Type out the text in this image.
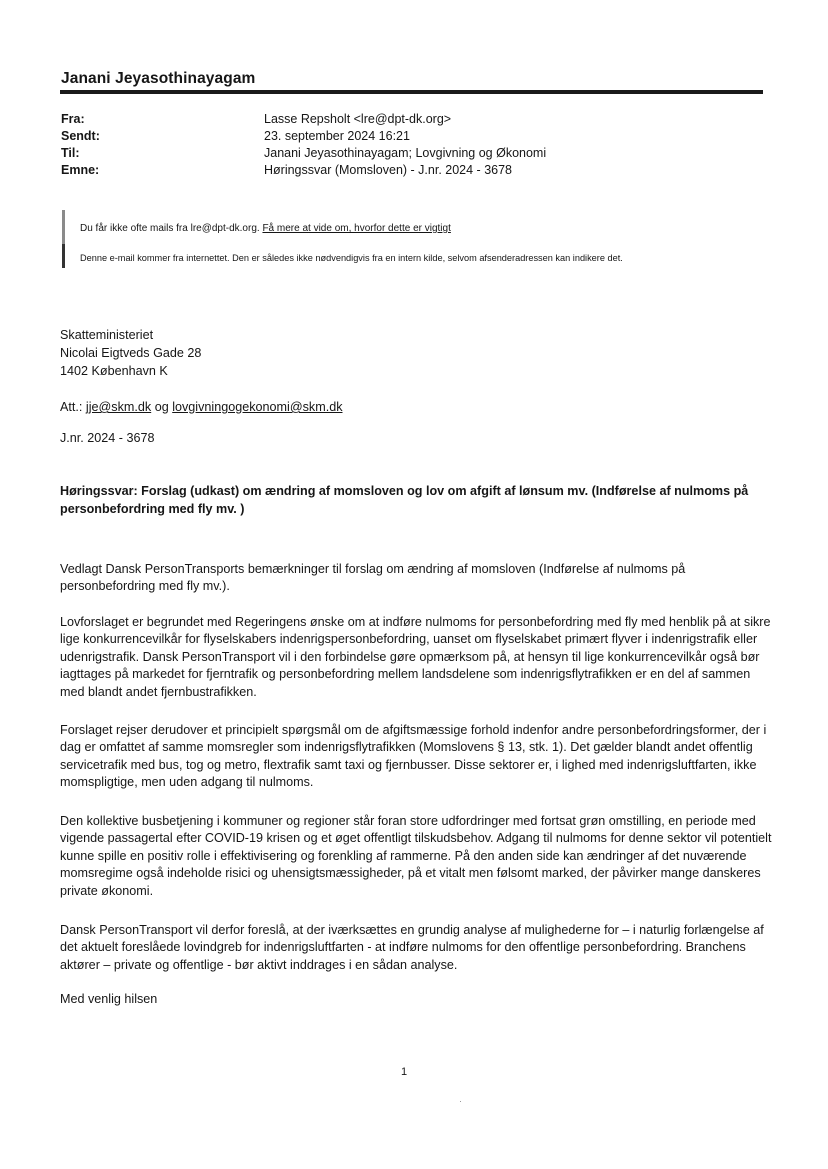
Janani Jeyasothinayagam
Fra:	Lasse Repsholt <lre@dpt-dk.org>
Sendt:	23. september 2024 16:21
Til:	Janani Jeyasothinayagam; Lovgivning og Økonomi
Emne:	Høringssvar (Momsloven) - J.nr. 2024 - 3678
Du får ikke ofte mails fra lre@dpt-dk.org. Få mere at vide om, hvorfor dette er vigtigt
Denne e-mail kommer fra internettet. Den er således ikke nødvendigvis fra en intern kilde, selvom afsenderadressen kan indikere det.
Skatteministeriet
Nicolai Eigtveds Gade 28
1402 København K
Att.: jje@skm.dk og lovgivningogekonomi@skm.dk
J.nr. 2024 - 3678
Høringssvar: Forslag (udkast) om ændring af momsloven og lov om afgift af lønsum mv. (Indførelse af nulmoms på personbefordring med fly mv. )
Vedlagt Dansk PersonTransports bemærkninger til forslag om ændring af momsloven (Indførelse af nulmoms på personbefordring med fly mv.).
Lovforslaget er begrundet med Regeringens ønske om at indføre nulmoms for personbefordring med fly med henblik på at sikre lige konkurrencevilkår for flyselskabers indenrigspersonbefordring, uanset om flyselskabet primært flyver i indenrigstrafik eller udenrigstrafik. Dansk PersonTransport vil i den forbindelse gøre opmærksom på, at hensyn til lige konkurrencevilkår også bør iagttages på markedet for fjerntrafik og personbefordring mellem landsdelene som indenrigsflytrafikken er en del af sammen med blandt andet fjernbustrafikken.
Forslaget rejser derudover et principielt spørgsmål om de afgiftsmæssige forhold indenfor andre personbefordringsformer, der i dag er omfattet af samme momsregler som indenrigsflytrafikken (Momslovens § 13, stk. 1). Det gælder blandt andet offentlig servicetrafik med bus, tog og metro, flextrafik samt taxi og fjernbusser. Disse sektorer er, i lighed med indenrigsluftfarten, ikke momspligtige, men uden adgang til nulmoms.
Den kollektive busbetjening i kommuner og regioner står foran store udfordringer med fortsat grøn omstilling, en periode med vigende passagertal efter COVID-19 krisen og et øget offentligt tilskudsbehov. Adgang til nulmoms for denne sektor vil potentielt kunne spille en positiv rolle i effektivisering og forenkling af rammerne. På den anden side kan ændringer af det nuværende momsregime også indeholde risici og uhensigtsmæssigheder, på et vitalt men følsomt marked, der påvirker mange danskeres private økonomi.
Dansk PersonTransport vil derfor foreslå, at der iværksættes en grundig analyse af mulighederne for – i naturlig forlængelse af det aktuelt foreslåede lovindgreb for indenrigsluftfarten - at indføre nulmoms for den offentlige personbefordring. Branchens aktører – private og offentlige - bør aktivt inddrages i en sådan analyse.
Med venlig hilsen
1
